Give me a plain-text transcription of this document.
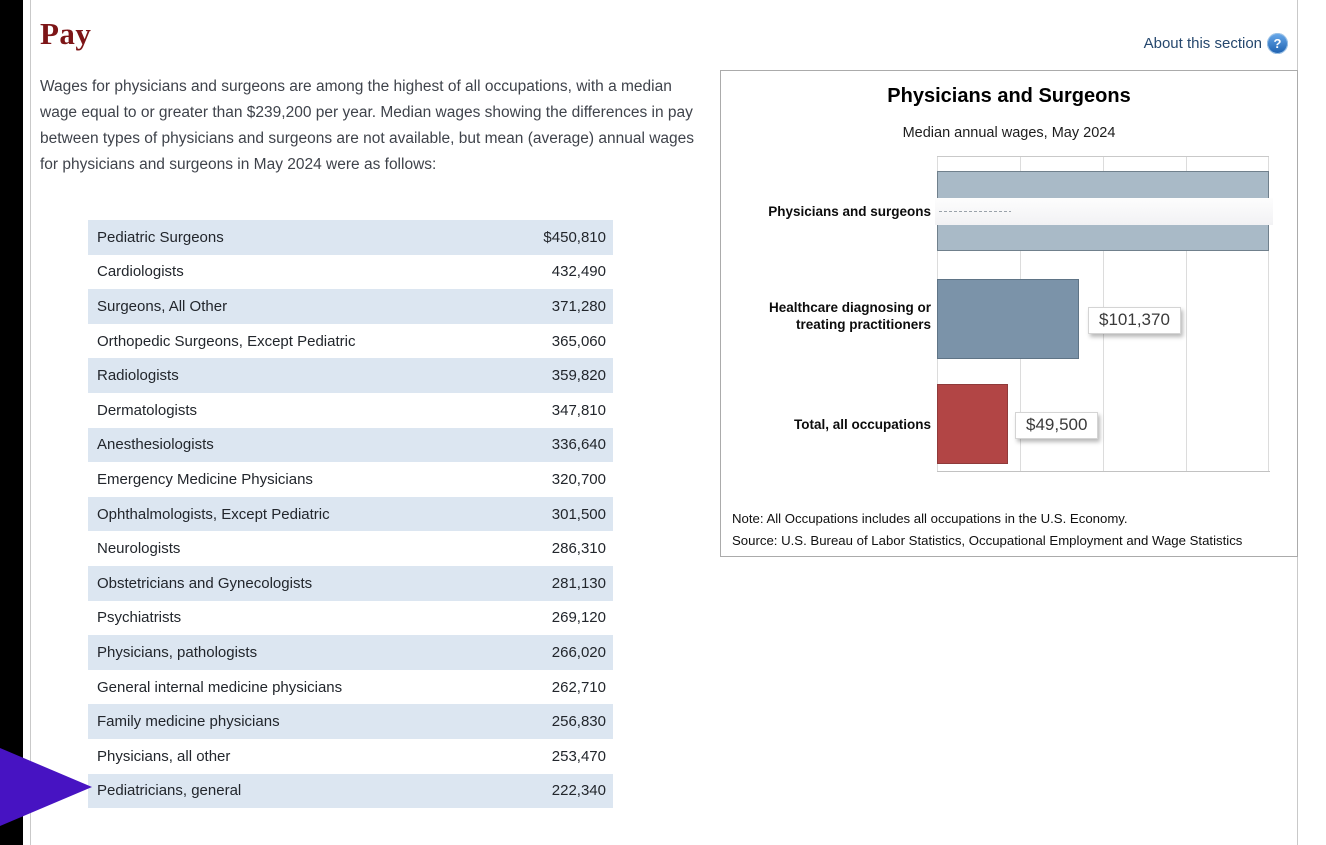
Pay	About this section ?

Wages for physicians and surgeons are among the highest of all occupations, with a median wage equal to or greater than $239,200 per year. Median wages showing the differences in pay between types of physicians and surgeons are not available, but mean (average) annual wages for physicians and surgeons in May 2024 were as follows:

Pediatric Surgeons	$450,810
Cardiologists	432,490
Surgeons, All Other	371,280
Orthopedic Surgeons, Except Pediatric	365,060
Radiologists	359,820
Dermatologists	347,810
Anesthesiologists	336,640
Emergency Medicine Physicians	320,700
Ophthalmologists, Except Pediatric	301,500
Neurologists	286,310
Obstetricians and Gynecologists	281,130
Psychiatrists	269,120
Physicians, pathologists	266,020
General internal medicine physicians	262,710
Family medicine physicians	256,830
Physicians, all other	253,470
Pediatricians, general	222,340
Physicians and Surgeons
Median annual wages, May 2024
Physicians and surgeons
Healthcare diagnosing or treating practitioners
Total, all occupations
$101,370
$49,500
Note: All Occupations includes all occupations in the U.S. Economy.
Source: U.S. Bureau of Labor Statistics, Occupational Employment and Wage Statistics
